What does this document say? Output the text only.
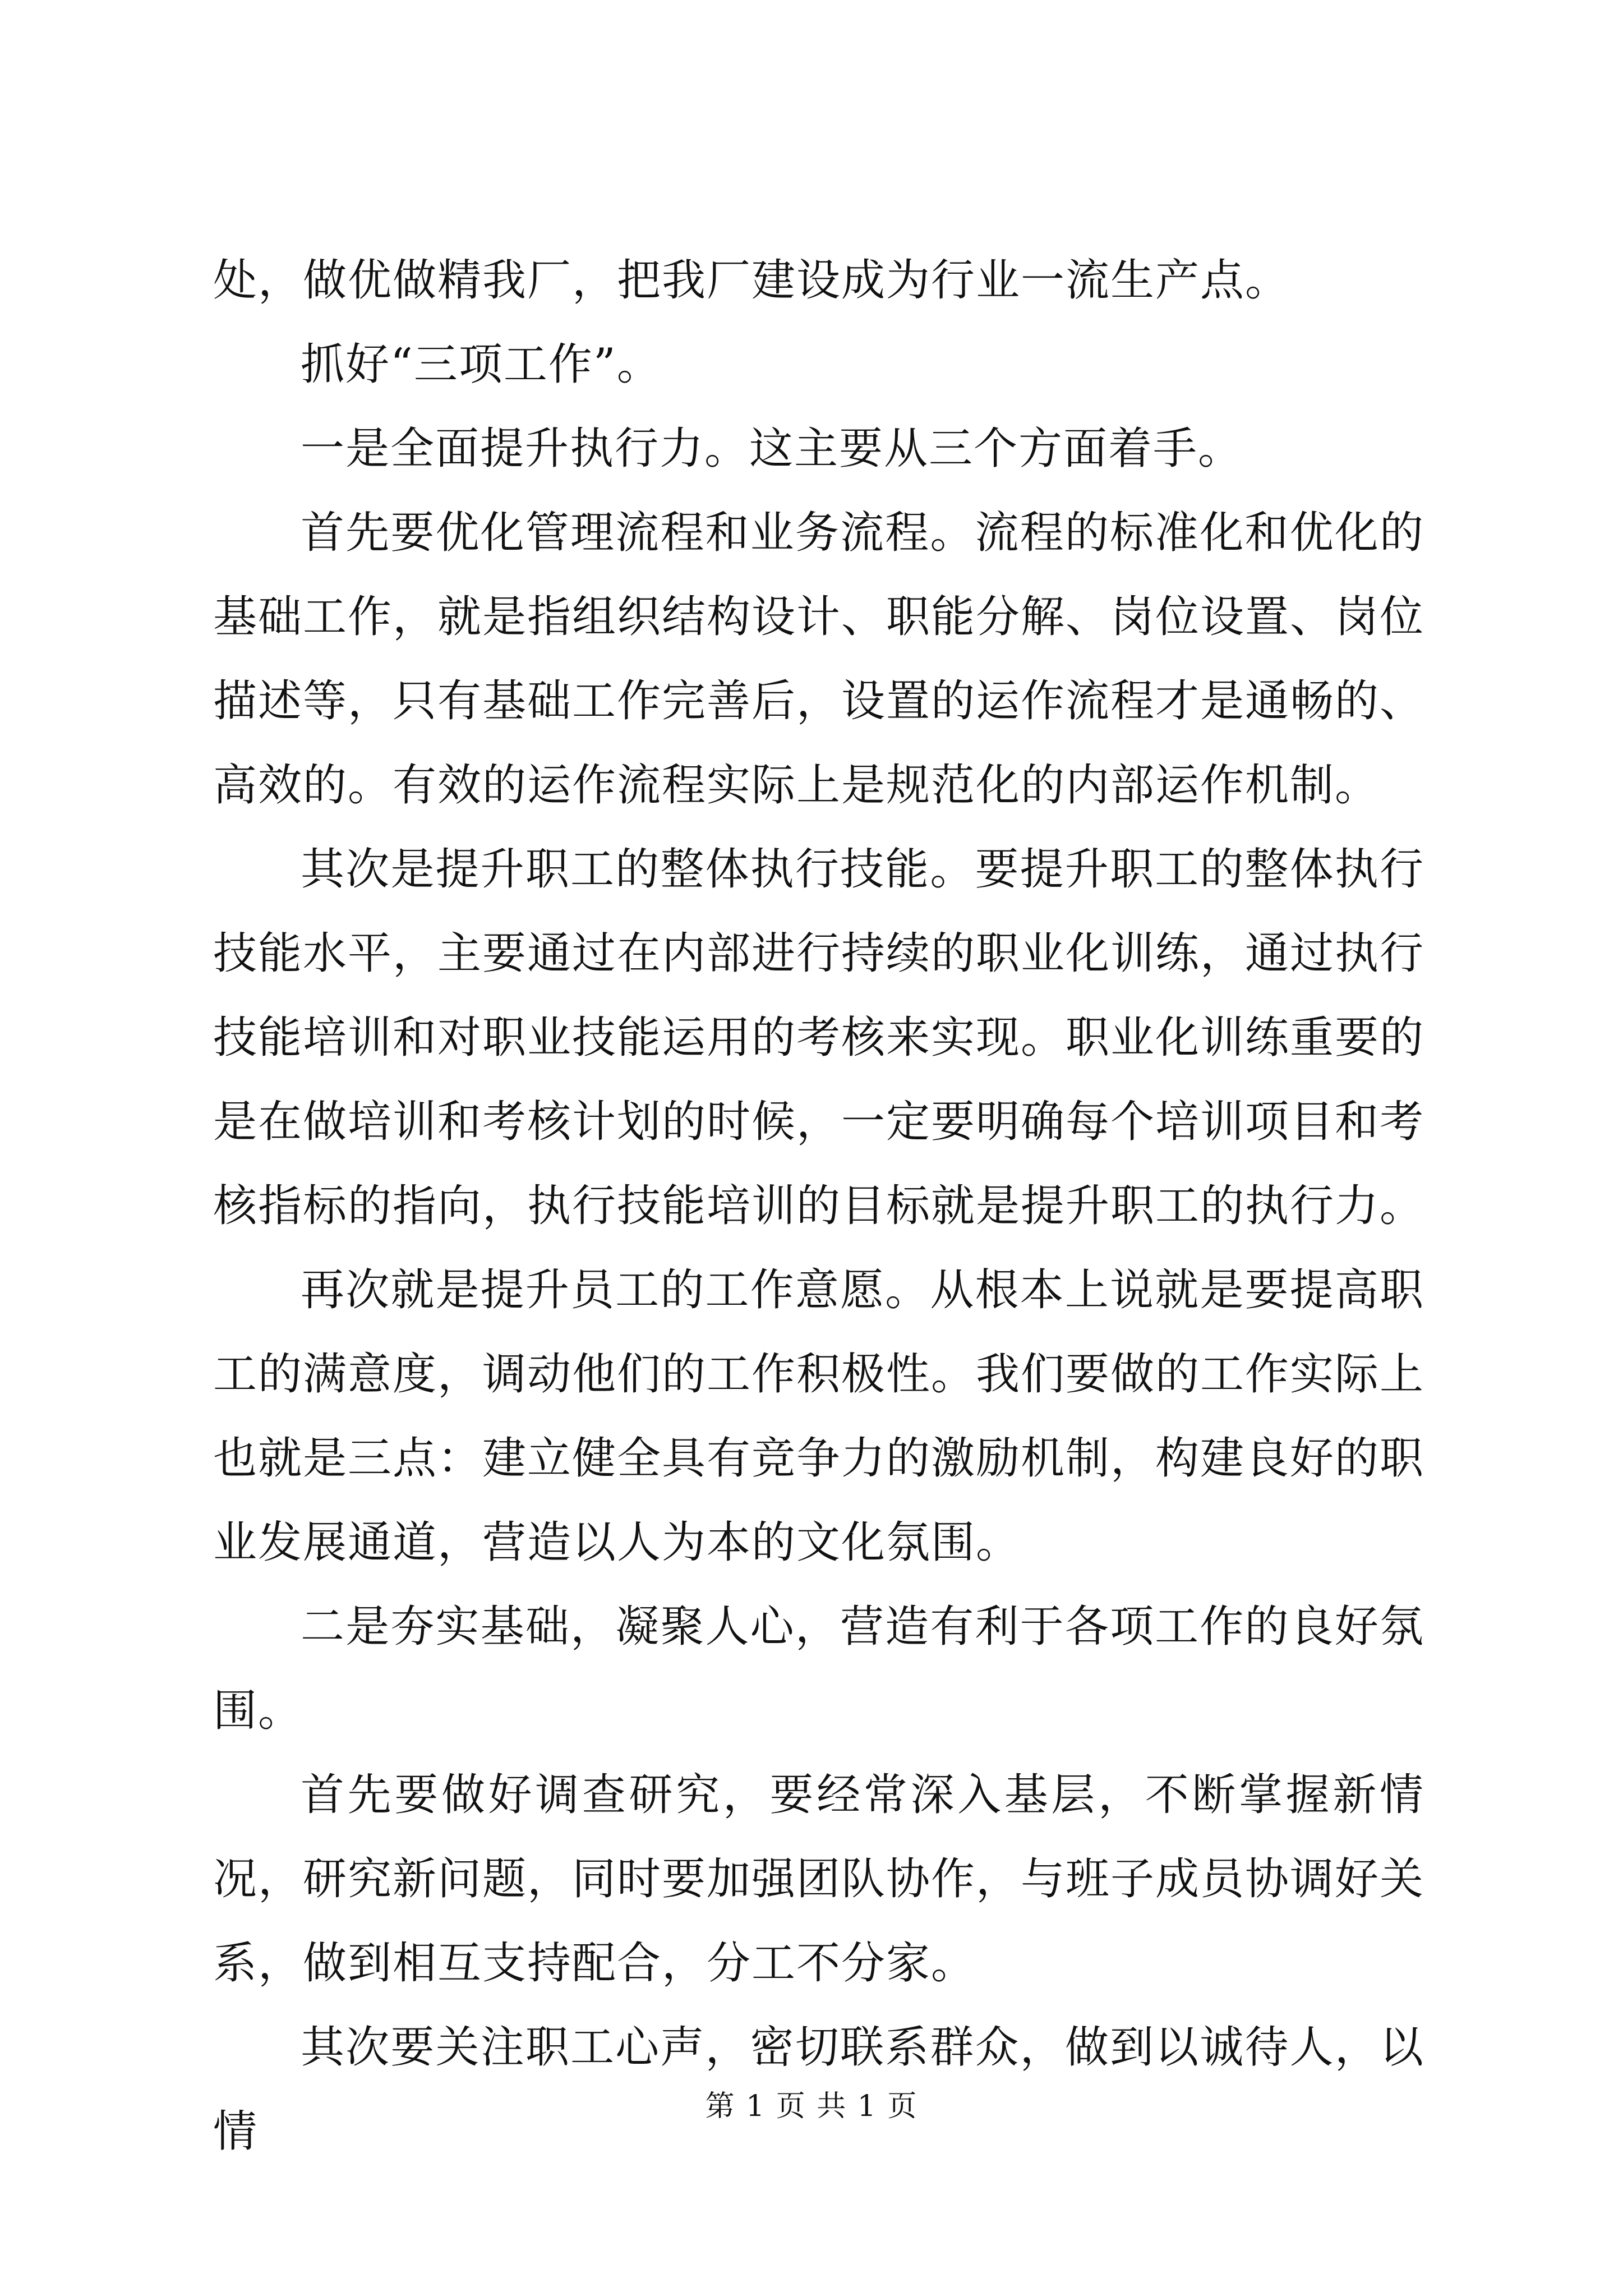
处，做优做精我厂，把我厂建设成为行业一流生产点。

抓好“三项工作”。

一是全面提升执行力。这主要从三个方面着手。

首先要优化管理流程和业务流程。流程的标准化和优化的基础工作，就是指组织结构设计、职能分解、岗位设置、岗位描述等，只有基础工作完善后，设置的运作流程才是通畅的、高效的。有效的运作流程实际上是规范化的内部运作机制。

其次是提升职工的整体执行技能。要提升职工的整体执行技能水平，主要通过在内部进行持续的职业化训练，通过执行技能培训和对职业技能运用的考核来实现。职业化训练重要的是在做培训和考核计划的时候，一定要明确每个培训项目和考核指标的指向，执行技能培训的目标就是提升职工的执行力。

再次就是提升员工的工作意愿。从根本上说就是要提高职工的满意度，调动他们的工作积极性。我们要做的工作实际上也就是三点：建立健全具有竞争力的激励机制，构建良好的职业发展通道，营造以人为本的文化氛围。

二是夯实基础，凝聚人心，营造有利于各项工作的良好氛围。

首先要做好调查研究，要经常深入基层，不断掌握新情况，研究新问题，同时要加强团队协作，与班子成员协调好关系，做到相互支持配合，分工不分家。

其次要关注职工心声，密切联系群众，做到以诚待人，以情	第 1 页 共 1 页
